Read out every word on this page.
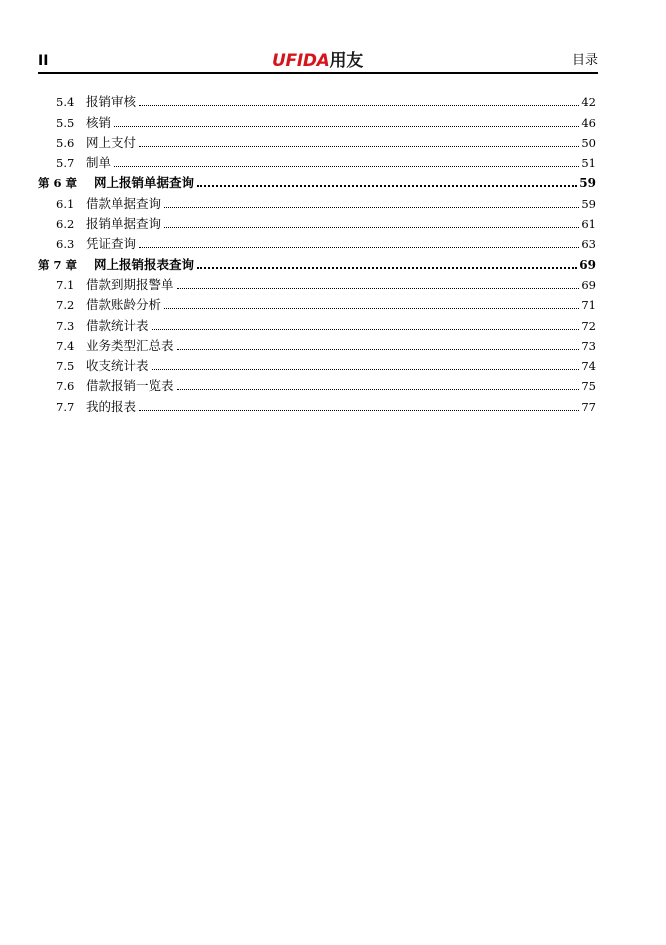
II	UFIDA用友	目录
5.4 报销审核	42
5.5 核销	46
5.6 网上支付	50
5.7 制单	51
第 6 章	网上报销单据查询	59
6.1 借款单据查询	59
6.2 报销单据查询	61
6.3 凭证查询	63
第 7 章	网上报销报表查询	69
7.1 借款到期报警单	69
7.2 借款账龄分析	71
7.3 借款统计表	72
7.4 业务类型汇总表	73
7.5 收支统计表	74
7.6 借款报销一览表	75
7.7 我的报表	77
